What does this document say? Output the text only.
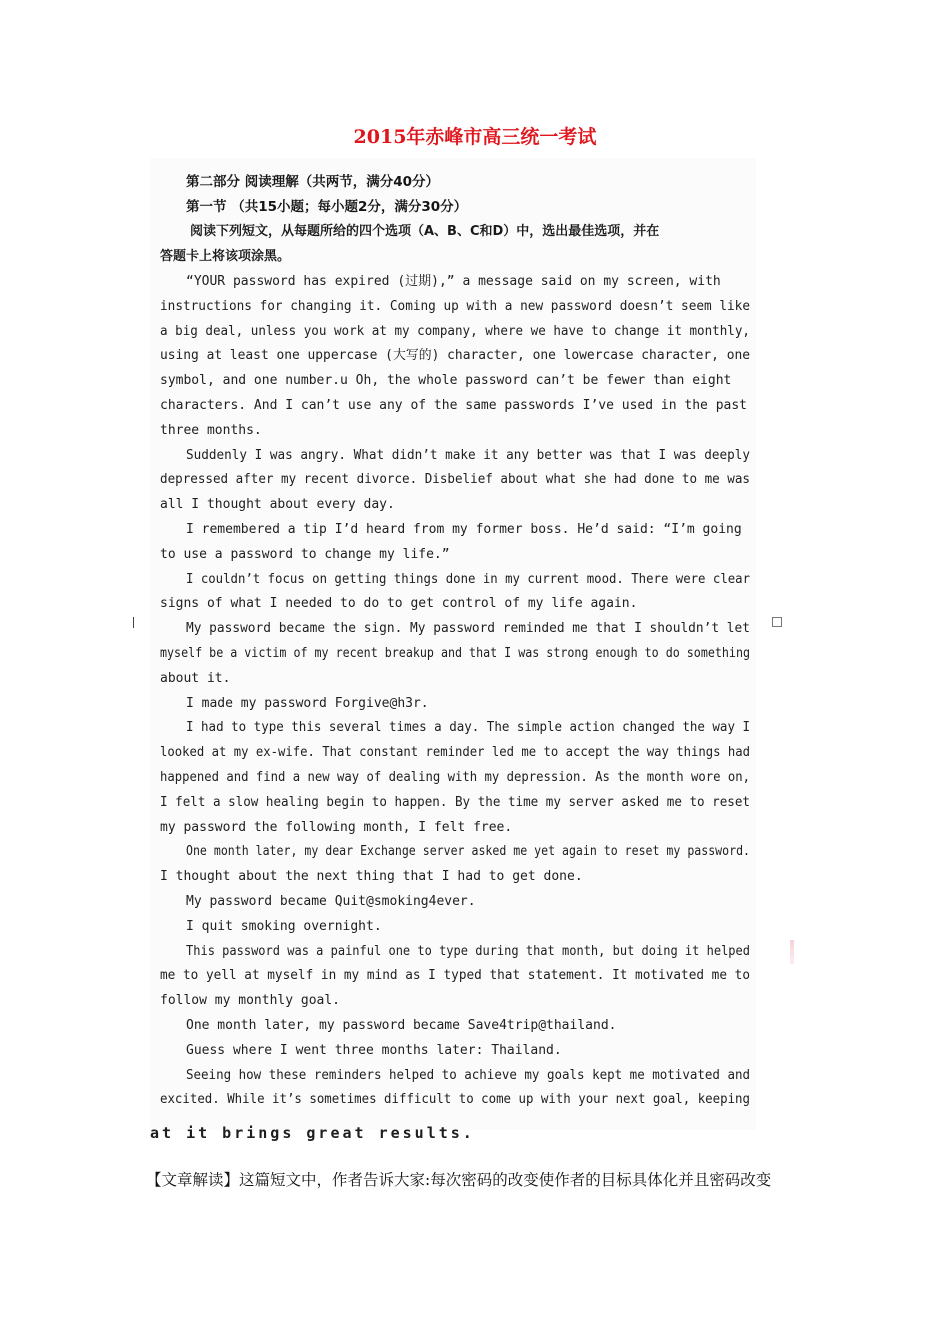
2015年赤峰市高三统一考试
第二部分 阅读理解（共两节，满分40分）
第一节 （共15小题；每小题2分，满分30分）
阅读下列短文，从每题所给的四个选项（A、B、C和D）中，选出最佳选项，并在
答题卡上将该项涂黑。
“YOUR password has expired (过期),” a message said on my screen, with
instructions for changing it. Coming up with a new password doesn’t seem like
a big deal, unless you work at my company, where we have to change it monthly,
using at least one uppercase (大写的) character, one lowercase character, one
symbol, and one number.u Oh, the whole password can’t be fewer than eight
characters. And I can’t use any of the same passwords I’ve used in the past
three months.
Suddenly I was angry. What didn’t make it any better was that I was deeply
depressed after my recent divorce. Disbelief about what she had done to me was
all I thought about every day.
I remembered a tip I’d heard from my former boss. He’d said: “I’m going
to use a password to change my life.”
I couldn’t focus on getting things done in my current mood. There were clear
signs of what I needed to do to get control of my life again.
My password became the sign. My password reminded me that I shouldn’t let
myself be a victim of my recent breakup and that I was strong enough to do something
about it.
I made my password Forgive@h3r.
I had to type this several times a day. The simple action changed the way I
looked at my ex-wife. That constant reminder led me to accept the way things had
happened and find a new way of dealing with my depression. As the month wore on,
I felt a slow healing begin to happen. By the time my server asked me to reset
my password the following month, I felt free.
One month later, my dear Exchange server asked me yet again to reset my password.
I thought about the next thing that I had to get done.
My password became Quit@smoking4ever.
I quit smoking overnight.
This password was a painful one to type during that month, but doing it helped
me to yell at myself in my mind as I typed that statement. It motivated me to
follow my monthly goal.
One month later, my password became Save4trip@thailand.
Guess where I went three months later: Thailand.
Seeing how these reminders helped to achieve my goals kept me motivated and
excited. While it’s sometimes difficult to come up with your next goal, keeping
at it brings great results.
【文章解读】这篇短文中，作者告诉大家:每次密码的改变使作者的目标具体化并且密码改变
